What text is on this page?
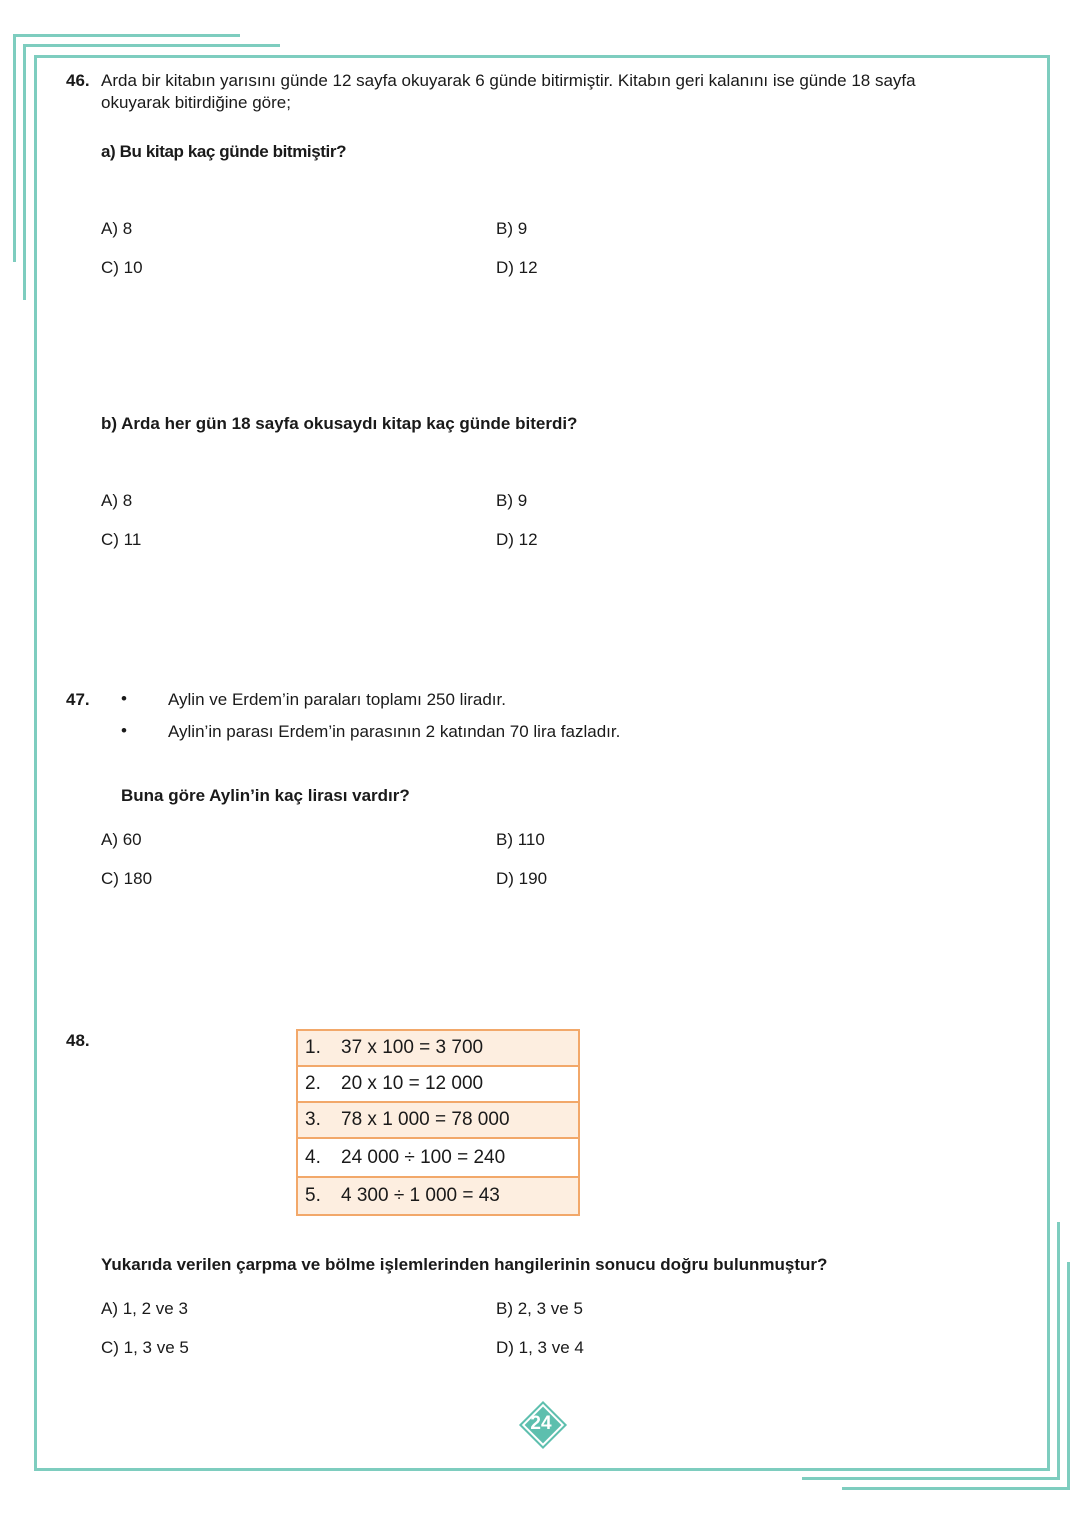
46. Arda bir kitabın yarısını günde 12 sayfa okuyarak 6 günde bitirmiştir. Kitabın geri kalanını ise günde 18 sayfa
okuyarak bitirdiğine göre;
a) Bu kitap kaç günde bitmiştir?
A) 8	B) 9
C) 10	D) 12
b) Arda her gün 18 sayfa okusaydı kitap kaç günde biterdi?
A) 8	B) 9
C) 11	D) 12
47. • Aylin ve Erdem’in paraları toplamı 250 liradır.
• Aylin’in parası Erdem’in parasının 2 katından 70 lira fazladır.
Buna göre Aylin’in kaç lirası vardır?
A) 60	B) 110
C) 180	D) 190
48.	1. 37 x 100 = 3 700
2. 20 x 10 = 12 000
3. 78 x 1 000 = 78 000
4. 24 000 ÷ 100 = 240
5. 4 300 ÷ 1 000 = 43
Yukarıda verilen çarpma ve bölme işlemlerinden hangilerinin sonucu doğru bulunmuştur?
A) 1, 2 ve 3	B) 2, 3 ve 5
C) 1, 3 ve 5	D) 1, 3 ve 4
24
